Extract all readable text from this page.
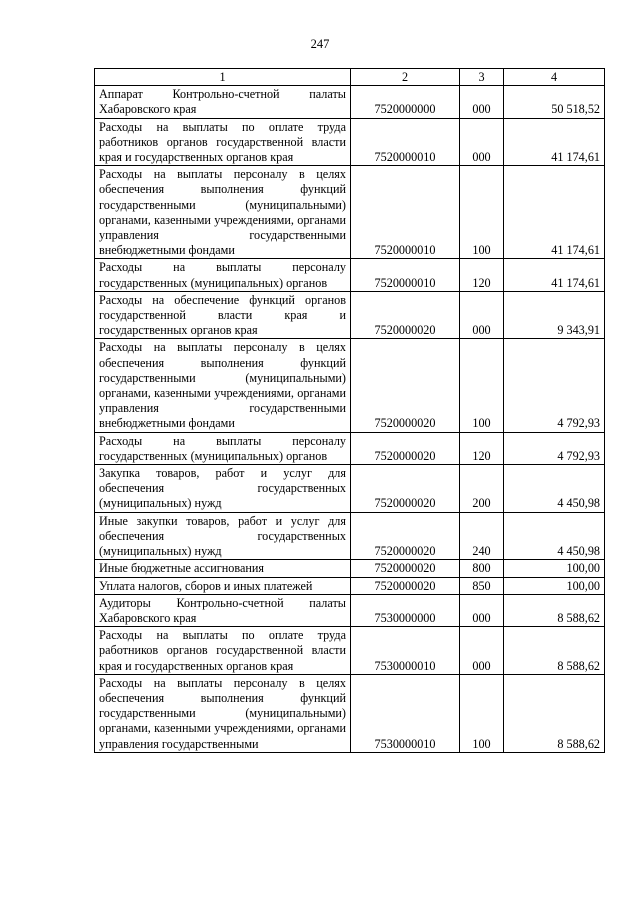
247
1	2	3	4
Аппарат Контрольно-счетной палаты Хабаровского края	7520000000	000	50 518,52
Расходы на выплаты по оплате труда работников органов государственной власти края и государственных органов края	7520000010	000	41 174,61
Расходы на выплаты персоналу в целях обеспечения выполнения функций государственными (муниципальными) органами, казенными учреждениями, органами управления государственными внебюджетными фондами	7520000010	100	41 174,61
Расходы на выплаты персоналу государственных (муниципальных) органов	7520000010	120	41 174,61
Расходы на обеспечение функций органов государственной власти края и государственных органов края	7520000020	000	9 343,91
Расходы на выплаты персоналу в целях обеспечения выполнения функций государственными (муниципальными) органами, казенными учреждениями, органами управления государственными внебюджетными фондами	7520000020	100	4 792,93
Расходы на выплаты персоналу государственных (муниципальных) органов	7520000020	120	4 792,93
Закупка товаров, работ и услуг для обеспечения государственных (муниципальных) нужд	7520000020	200	4 450,98
Иные закупки товаров, работ и услуг для обеспечения государственных (муниципальных) нужд	7520000020	240	4 450,98
Иные бюджетные ассигнования	7520000020	800	100,00
Уплата налогов, сборов и иных платежей	7520000020	850	100,00
Аудиторы Контрольно-счетной палаты Хабаровского края	7530000000	000	8 588,62
Расходы на выплаты по оплате труда работников органов государственной власти края и государственных органов края	7530000010	000	8 588,62
Расходы на выплаты персоналу в целях обеспечения выполнения функций государственными (муниципальными) органами, казенными учреждениями, органами управления государственными	7530000010	100	8 588,62
